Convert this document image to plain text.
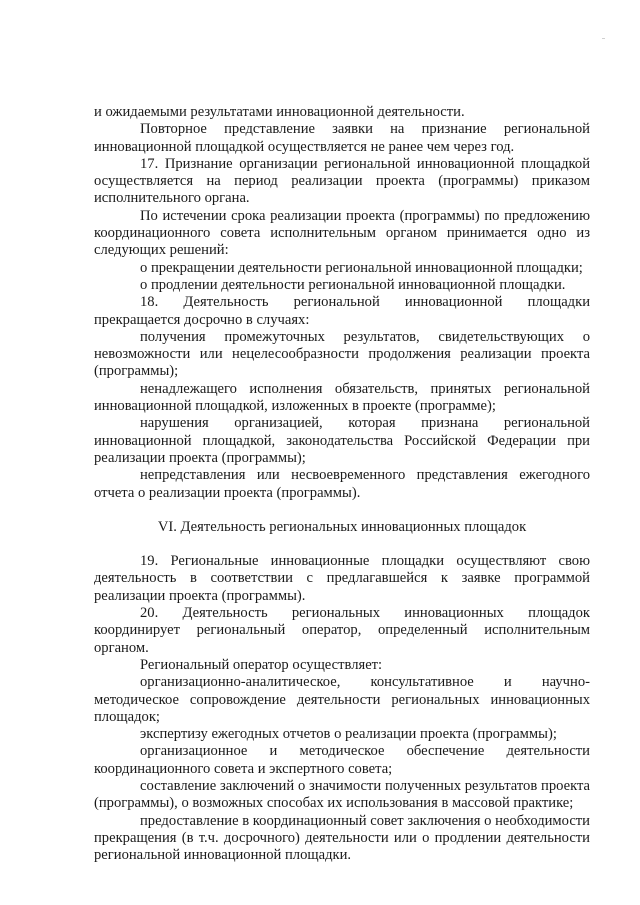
и ожидаемыми результатами инновационной деятельности.

Повторное представление заявки на признание региональной инновационной площадкой осуществляется не ранее чем через год.

17. Признание организации региональной инновационной площадкой осуществляется на период реализации проекта (программы) приказом исполнительного органа.

По истечении срока реализации проекта (программы) по предложению координационного совета исполнительным органом принимается одно из следующих решений:

о прекращении деятельности региональной инновационной площадки;

о продлении деятельности региональной инновационной площадки.

18. Деятельность региональной инновационной площадки прекращается досрочно в случаях:

получения промежуточных результатов, свидетельствующих о невозможности или нецелесообразности продолжения реализации проекта (программы);

ненадлежащего исполнения обязательств, принятых региональной инновационной площадкой, изложенных в проекте (программе);

нарушения организацией, которая признана региональной инновационной площадкой, законодательства Российской Федерации при реализации проекта (программы);

непредставления или несвоевременного представления ежегодного отчета о реализации проекта (программы).

VI. Деятельность региональных инновационных площадок

19. Региональные инновационные площадки осуществляют свою деятельность в соответствии с предлагавшейся к заявке программой реализации проекта (программы).

20. Деятельность региональных инновационных площадок координирует региональный оператор, определенный исполнительным органом.

Региональный оператор осуществляет:

организационно-аналитическое, консультативное и научно-методическое сопровождение деятельности региональных инновационных площадок;

экспертизу ежегодных отчетов о реализации проекта (программы);

организационное и методическое обеспечение деятельности координационного совета и экспертного совета;

составление заключений о значимости полученных результатов проекта (программы), о возможных способах их использования в массовой практике;

предоставление в координационный совет заключения о необходимости прекращения (в т.ч. досрочного) деятельности или о продлении деятельности региональной инновационной площадки.
